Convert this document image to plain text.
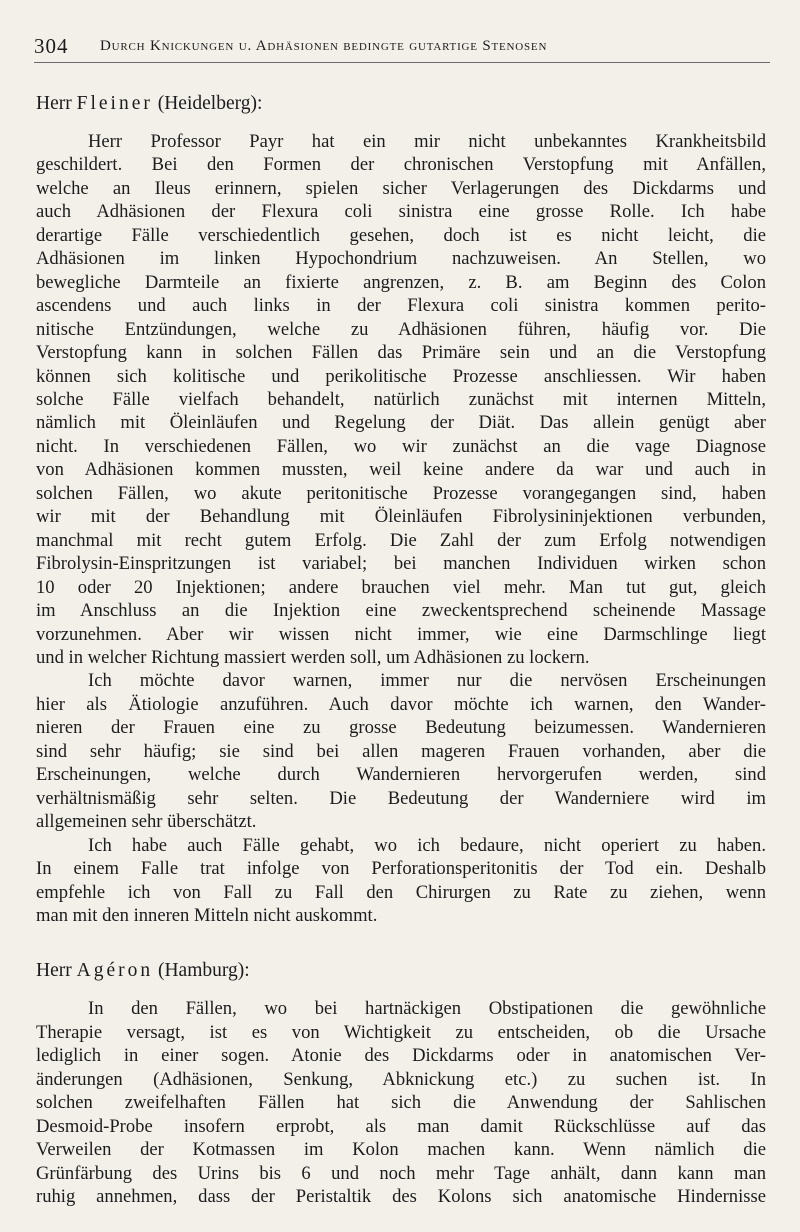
304 Durch Knickungen u. Adhäsionen bedingte gutartige Stenosen
Herr Fleiner (Heidelberg):
Herr Professor Payr hat ein mir nicht unbekanntes Krankheitsbild
geschildert. Bei den Formen der chronischen Verstopfung mit Anfällen,
welche an Ileus erinnern, spielen sicher Verlagerungen des Dickdarms und
auch Adhäsionen der Flexura coli sinistra eine grosse Rolle. Ich habe
derartige Fälle verschiedentlich gesehen, doch ist es nicht leicht, die
Adhäsionen im linken Hypochondrium nachzuweisen. An Stellen, wo
bewegliche Darmteile an fixierte angrenzen, z. B. am Beginn des Colon
ascendens und auch links in der Flexura coli sinistra kommen perito-
nitische Entzündungen, welche zu Adhäsionen führen, häufig vor. Die
Verstopfung kann in solchen Fällen das Primäre sein und an die Verstopfung
können sich kolitische und perikolitische Prozesse anschliessen. Wir haben
solche Fälle vielfach behandelt, natürlich zunächst mit internen Mitteln,
nämlich mit Öleinläufen und Regelung der Diät. Das allein genügt aber
nicht. In verschiedenen Fällen, wo wir zunächst an die vage Diagnose
von Adhäsionen kommen mussten, weil keine andere da war und auch in
solchen Fällen, wo akute peritonitische Prozesse vorangegangen sind, haben
wir mit der Behandlung mit Öleinläufen Fibrolysininjektionen verbunden,
manchmal mit recht gutem Erfolg. Die Zahl der zum Erfolg notwendigen
Fibrolysin-Einspritzungen ist variabel; bei manchen Individuen wirken schon
10 oder 20 Injektionen; andere brauchen viel mehr. Man tut gut, gleich
im Anschluss an die Injektion eine zweckentsprechend scheinende Massage
vorzunehmen. Aber wir wissen nicht immer, wie eine Darmschlinge liegt
und in welcher Richtung massiert werden soll, um Adhäsionen zu lockern.
Ich möchte davor warnen, immer nur die nervösen Erscheinungen
hier als Ätiologie anzuführen. Auch davor möchte ich warnen, den Wander-
nieren der Frauen eine zu grosse Bedeutung beizumessen. Wandernieren
sind sehr häufig; sie sind bei allen mageren Frauen vorhanden, aber die
Erscheinungen, welche durch Wandernieren hervorgerufen werden, sind
verhältnismäßig sehr selten. Die Bedeutung der Wanderniere wird im
allgemeinen sehr überschätzt.
Ich habe auch Fälle gehabt, wo ich bedaure, nicht operiert zu haben.
In einem Falle trat infolge von Perforationsperitonitis der Tod ein. Deshalb
empfehle ich von Fall zu Fall den Chirurgen zu Rate zu ziehen, wenn
man mit den inneren Mitteln nicht auskommt.
Herr Agéron (Hamburg):
In den Fällen, wo bei hartnäckigen Obstipationen die gewöhnliche
Therapie versagt, ist es von Wichtigkeit zu entscheiden, ob die Ursache
lediglich in einer sogen. Atonie des Dickdarms oder in anatomischen Ver-
änderungen (Adhäsionen, Senkung, Abknickung etc.) zu suchen ist. In
solchen zweifelhaften Fällen hat sich die Anwendung der Sahlischen
Desmoid-Probe insofern erprobt, als man damit Rückschlüsse auf das
Verweilen der Kotmassen im Kolon machen kann. Wenn nämlich die
Grünfärbung des Urins bis 6 und noch mehr Tage anhält, dann kann man
ruhig annehmen, dass der Peristaltik des Kolons sich anatomische Hindernisse
